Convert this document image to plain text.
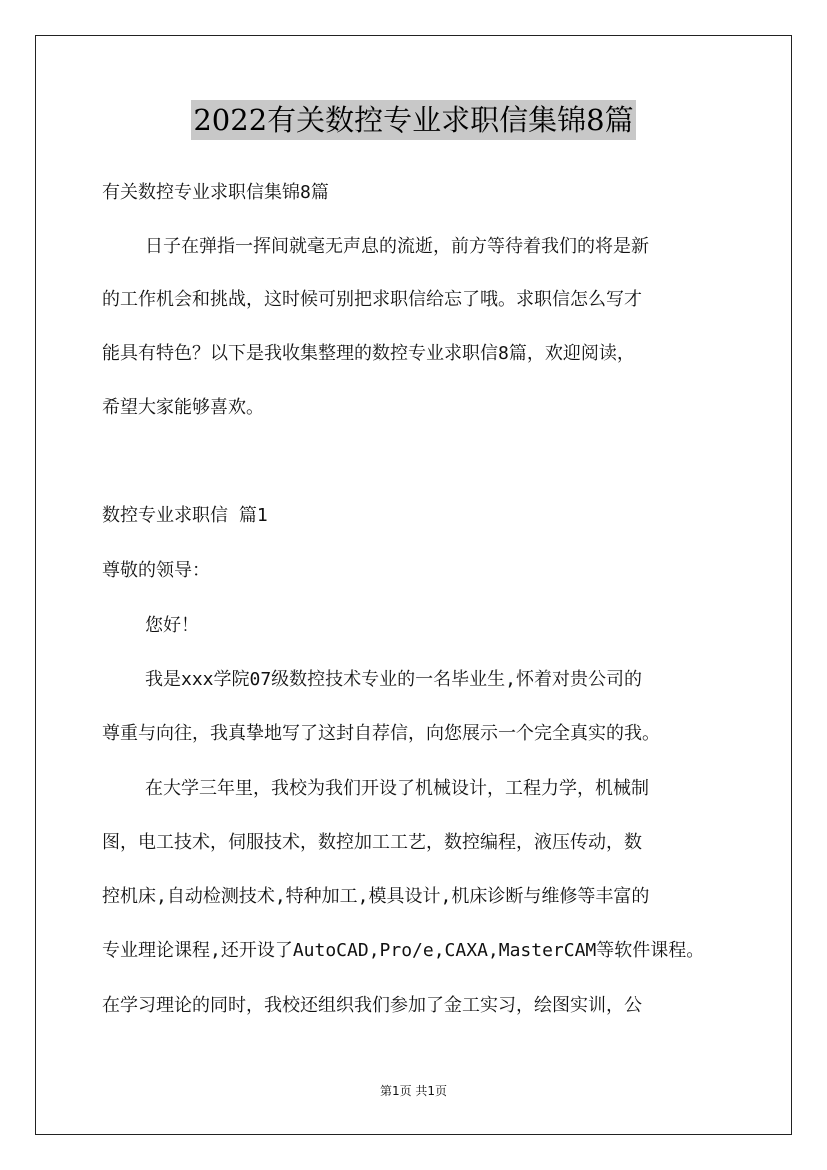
2022有关数控专业求职信集锦8篇
有关数控专业求职信集锦8篇
日子在弹指一挥间就毫无声息的流逝，前方等待着我们的将是新
的工作机会和挑战，这时候可别把求职信给忘了哦。求职信怎么写才
能具有特色？以下是我收集整理的数控专业求职信8篇，欢迎阅读，
希望大家能够喜欢。
数控专业求职信 篇1
尊敬的领导：
您好！
我是xxx学院07级数控技术专业的一名毕业生,怀着对贵公司的
尊重与向往，我真挚地写了这封自荐信，向您展示一个完全真实的我。
在大学三年里，我校为我们开设了机械设计，工程力学，机械制
图，电工技术，伺服技术，数控加工工艺，数控编程，液压传动，数
控机床,自动检测技术,特种加工,模具设计,机床诊断与维修等丰富的
专业理论课程,还开设了AutoCAD,Pro/e,CAXA,MasterCAM等软件课程。
在学习理论的同时，我校还组织我们参加了金工实习，绘图实训，公
第1页 共1页
